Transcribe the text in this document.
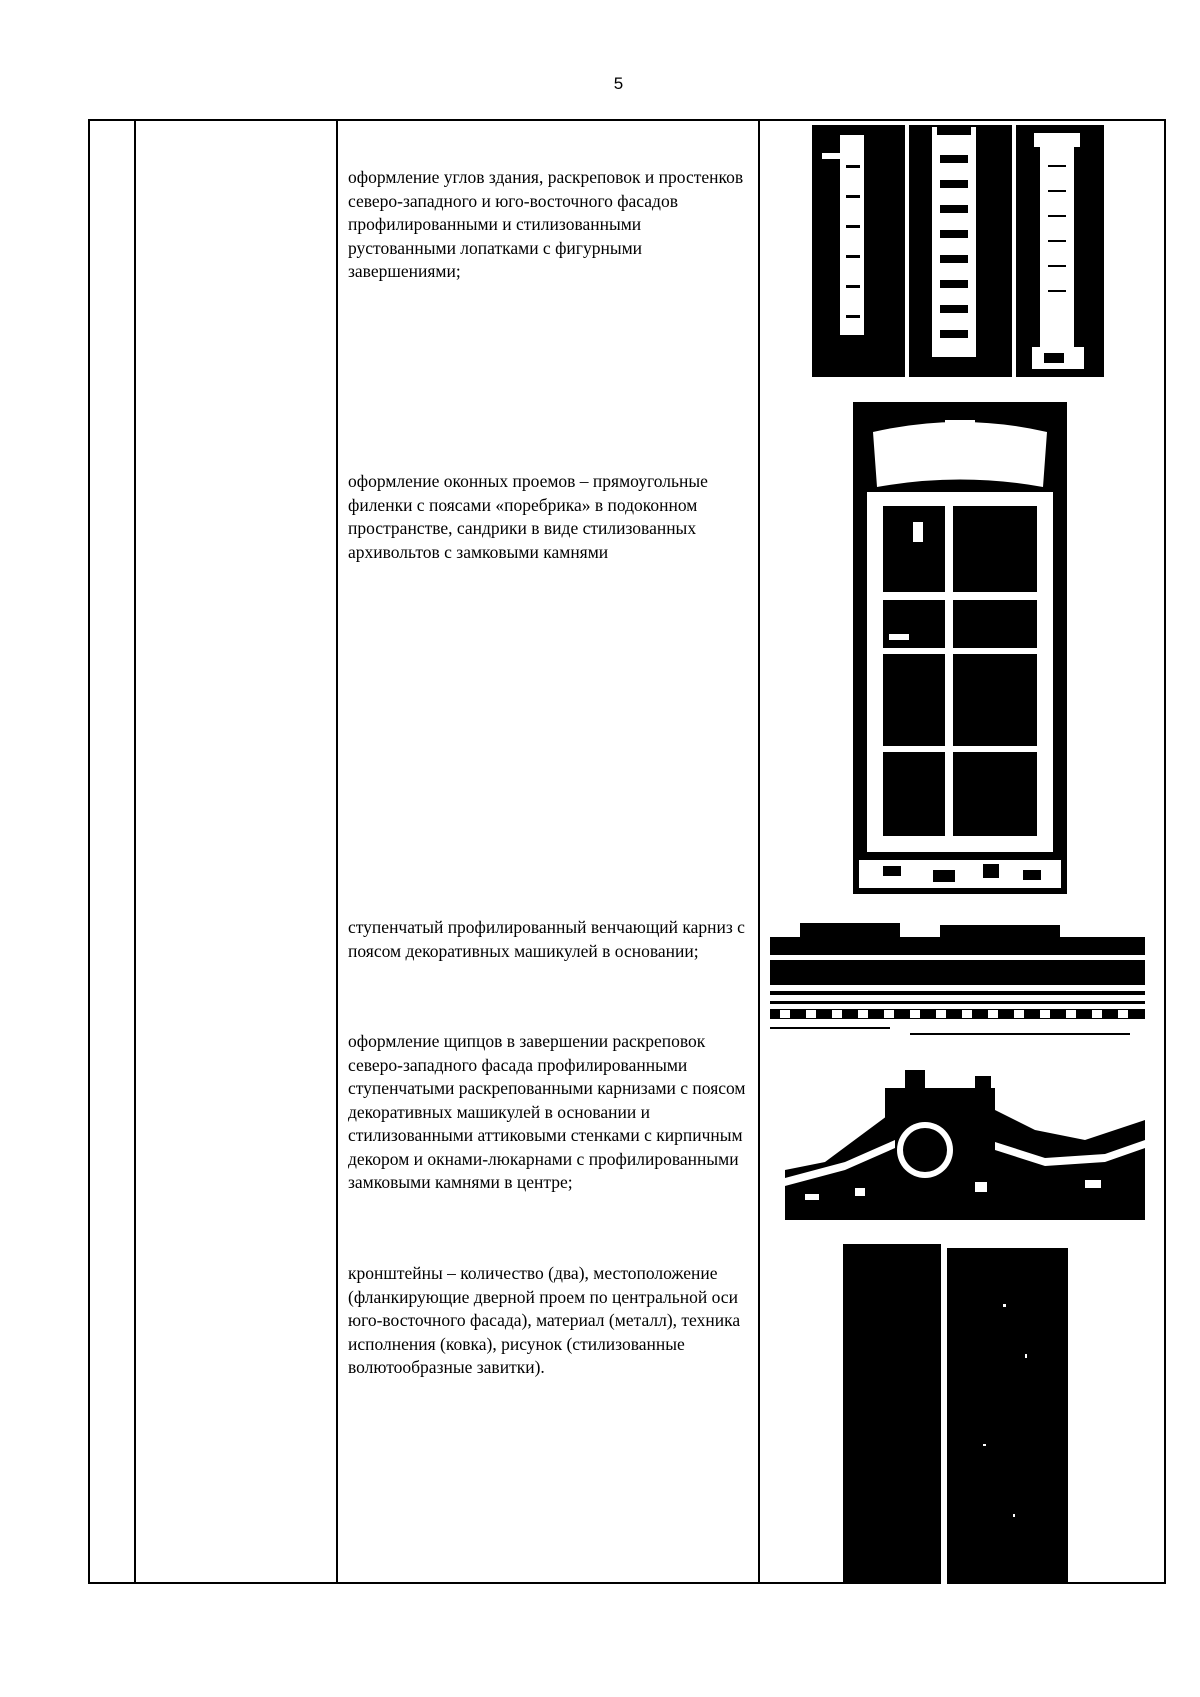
5
оформление углов здания, раскреповок и простенков северо-западного и юго-восточного фасадов профилированными и стилизованными рустованными лопатками с фигурными завершениями;
оформление оконных проемов – прямоугольные филенки с поясами «поребрика» в подоконном пространстве, сандрики в виде стилизованных архивольтов с замковыми камнями
ступенчатый профилированный венчающий карниз с поясом декоративных машикулей в основании;
оформление щипцов в завершении раскреповок северо-западного фасада профилированными ступенчатыми раскрепованными карнизами с поясом декоративных машикулей в основании и стилизованными аттиковыми стенками с кирпичным декором и окнами-люкарнами с профилированными замковыми камнями в центре;
кронштейны – количество (два), местоположение (фланкирующие дверной проем по центральной оси юго-восточного фасада), материал (металл), техника исполнения (ковка), рисунок (стилизованные волютообразные завитки).
